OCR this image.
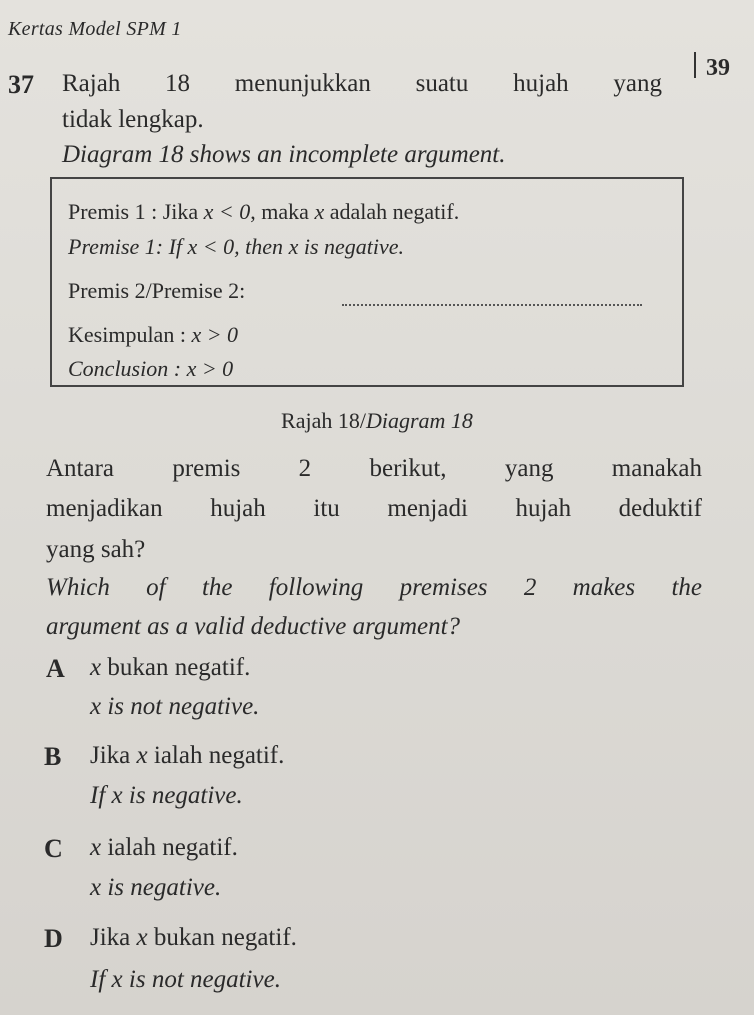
Kertas Model SPM 1
39
37 Rajah 18 menunjukkan suatu hujah yang
tidak lengkap.
Diagram 18 shows an incomplete argument.
Premis 1 : Jika x < 0, maka x adalah negatif.
Premise 1: If x < 0, then x is negative.
Premis 2/Premise 2:
Kesimpulan : x > 0
Conclusion : x > 0
Rajah 18/Diagram 18
Antara premis 2 berikut, yang manakah
menjadikan hujah itu menjadi hujah deduktif
yang sah?
Which of the following premises 2 makes the
argument as a valid deductive argument?
A x bukan negatif.
x is not negative.
B Jika x ialah negatif.
If x is negative.
C x ialah negatif.
x is negative.
D Jika x bukan negatif.
If x is not negative.
